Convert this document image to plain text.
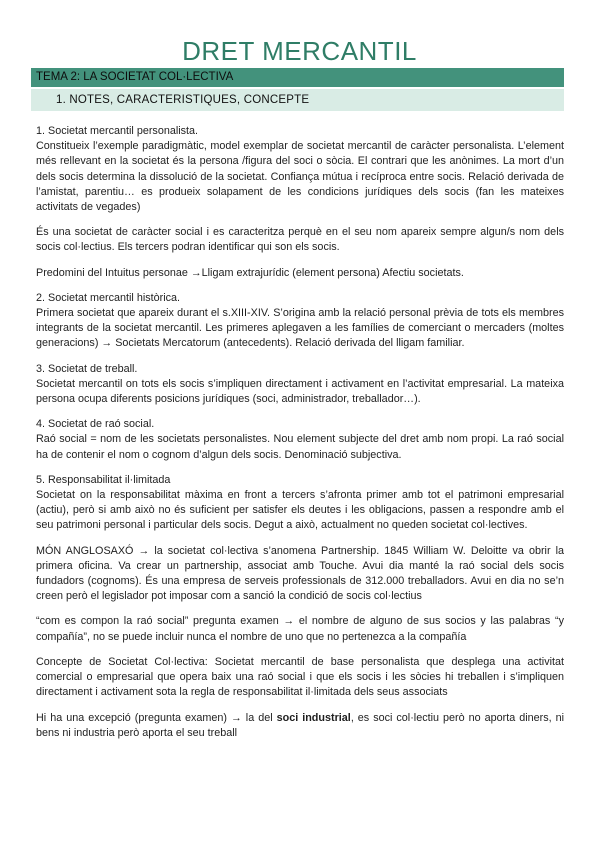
DRET MERCANTIL
TEMA 2: LA SOCIETAT COL·LECTIVA
1. NOTES, CARACTERISTIQUES, CONCEPTE

1. Societat mercantil personalista.
Constitueix l’exemple paradigmàtic, model exemplar de societat mercantil de caràcter personalista. L’element més rellevant en la societat és la persona /figura del soci o sòcia. El contrari que les anònimes. La mort d’un dels socis determina la dissolució de la societat. Confiança mútua i recíproca entre socis. Relació derivada de l’amistat, parentiu… es produeix solapament de les condicions jurídiques dels socis (fan les mateixes activitats de vegades)

És una societat de caràcter social i es caracteritza perquè en el seu nom apareix sempre algun/s nom dels socis col·lectius. Els tercers podran identificar qui son els socis.

Predomini del Intuitus personae →Lligam extrajurídic (element persona) Afectiu societats.

2. Societat mercantil històrica.
Primera societat que apareix durant el s.XIII-XIV. S’origina amb la relació personal prèvia de tots els membres integrants de la societat mercantil. Les primeres aplegaven a les famílies de comerciant o mercaders (moltes generacions) → Societats Mercatorum (antecedents). Relació derivada del lligam familiar.

3. Societat de treball.
Societat mercantil on tots els socis s’impliquen directament i activament en l’activitat empresarial. La mateixa persona ocupa diferents posicions jurídiques (soci, administrador, treballador…).

4. Societat de raó social.
Raó social = nom de les societats personalistes. Nou element subjecte del dret amb nom propi. La raó social ha de contenir el nom o cognom d’algun dels socis. Denominació subjectiva.

5. Responsabilitat il·limitada
Societat on la responsabilitat màxima en front a tercers s’afronta primer amb tot el patrimoni empresarial (actiu), però si amb això no és suficient per satisfer els deutes i les obligacions, passen a respondre amb el seu patrimoni personal i particular dels socis. Degut a això, actualment no queden societat col·lectives.

MÓN ANGLOSAXÓ → la societat col·lectiva s’anomena Partnership. 1845 William W. Deloitte va obrir la primera oficina. Va crear un partnership, associat amb Touche. Avui dia manté la raó social dels socis fundadors (cognoms). És una empresa de serveis professionals de 312.000 treballadors. Avui en dia no se’n creen però el legislador pot imposar com a sanció la condició de socis col·lectius

“com es compon la raó social” pregunta examen → el nombre de alguno de sus socios y las palabras “y compañía”, no se puede incluir nunca el nombre de uno que no pertenezca a la compañía

Concepte de Societat Col·lectiva: Societat mercantil de base personalista que desplega una activitat comercial o empresarial que opera baix una raó social i que els socis i les sòcies hi treballen i s’impliquen directament i activament sota la regla de responsabilitat il·limitada dels seus associats

Hi ha una excepció (pregunta examen) → la del soci industrial, es soci col·lectiu però no aporta diners, ni bens ni industria però aporta el seu treball
